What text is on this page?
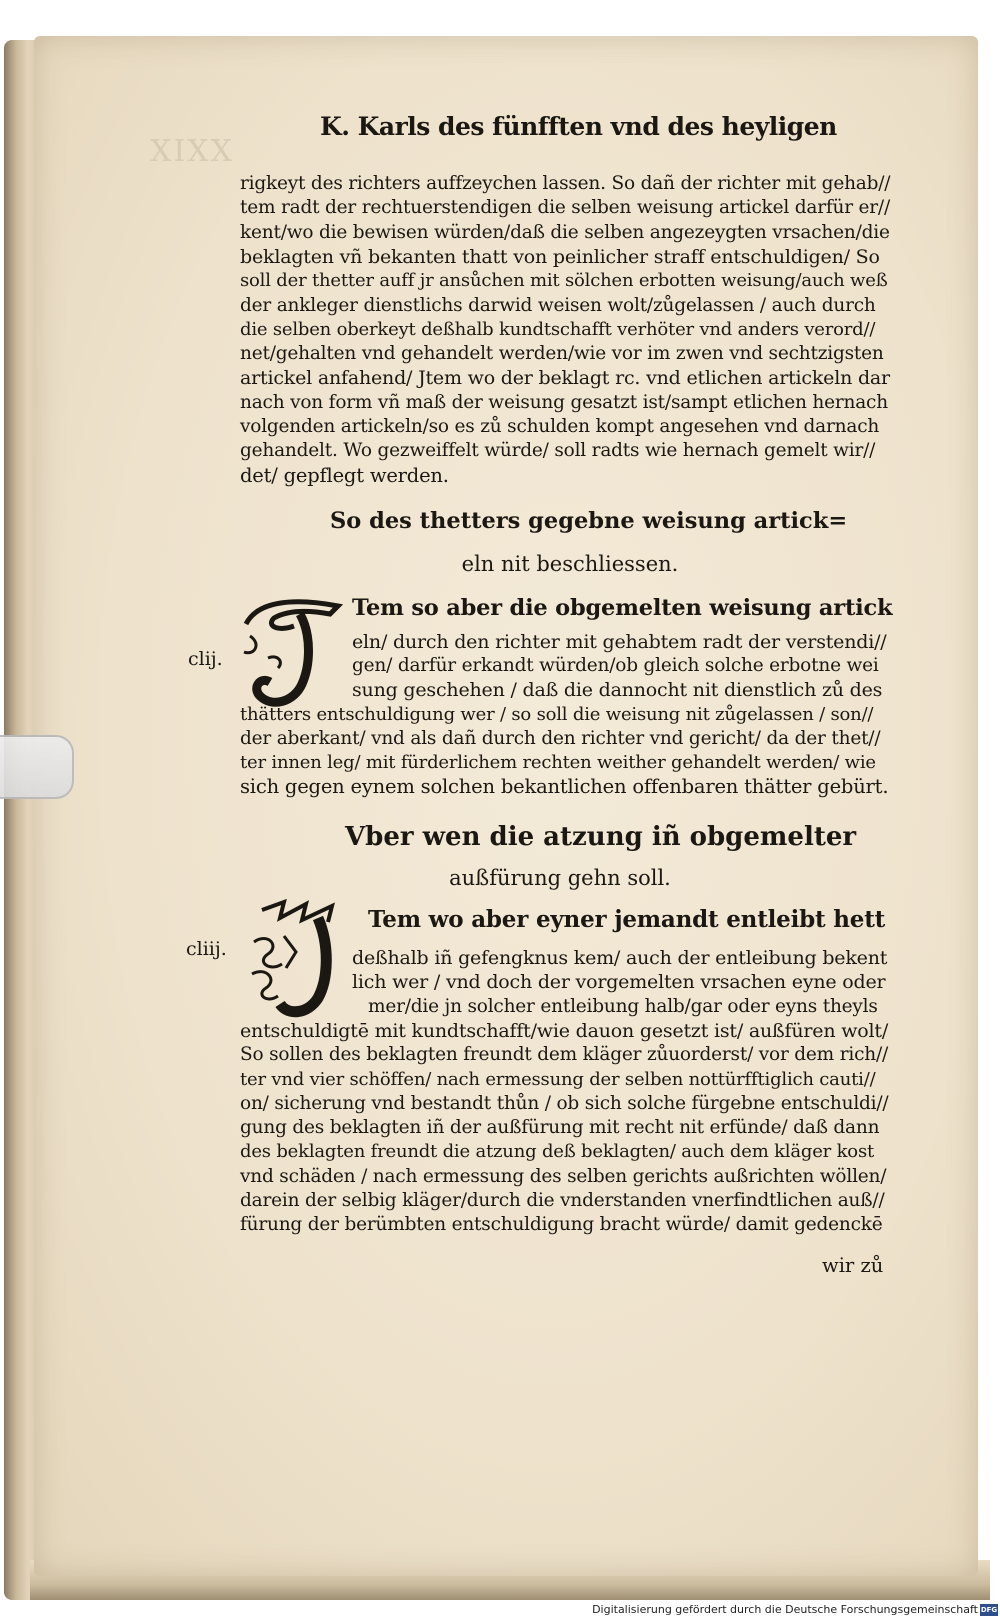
XIXX
K. Karls des fünfften vnd des heyligen
rigkeyt des richters auffzeychen lassen. So dañ der richter mit gehab//
tem radt der rechtuerstendigen die selben weisung artickel darfür er//
kent/wo die bewisen würden/daß die selben angezeygten vrsachen/die
beklagten vñ bekanten thatt von peinlicher straff entschuldigen/ So
soll der thetter auff jr ansůchen mit sölchen erbotten weisung/auch weß
der ankleger dienstlichs darwid weisen wolt/zůgelassen / auch durch
die selben oberkeyt deßhalb kundtschafft verhöter vnd anders verord//
net/gehalten vnd gehandelt werden/wie vor im zwen vnd sechtzigsten
artickel anfahend/ Jtem wo der beklagt rc. vnd etlichen artickeln dar
nach von form vñ maß der weisung gesatzt ist/sampt etlichen hernach
volgenden artickeln/so es zů schulden kompt angesehen vnd darnach
gehandelt. Wo gezweiffelt würde/ soll radts wie hernach gemelt wir//
det/ gepflegt werden.
So des thetters gegebne weisung artick=
eln nit beschliessen.
clij.
Tem so aber die obgemelten weisung artick
eln/ durch den richter mit gehabtem radt der verstendi//
gen/ darfür erkandt würden/ob gleich solche erbotne wei
sung geschehen / daß die dannocht nit dienstlich zů des
thätters entschuldigung wer / so soll die weisung nit zůgelassen / son//
der aberkant/ vnd als dañ durch den richter vnd gericht/ da der thet//
ter innen leg/ mit fürderlichem rechten weither gehandelt werden/ wie
sich gegen eynem solchen bekantlichen offenbaren thätter gebürt.
Vber wen die atzung iñ obgemelter
außfürung gehn soll.
cliij.
Tem wo aber eyner jemandt entleibt hett
deßhalb iñ gefengknus kem/ auch der entleibung bekent
lich wer / vnd doch der vorgemelten vrsachen eyne oder
mer/die jn solcher entleibung halb/gar oder eyns theyls
entschuldigtē mit kundtschafft/wie dauon gesetzt ist/ außfüren wolt/
So sollen des beklagten freundt dem kläger zůuorderst/ vor dem rich//
ter vnd vier schöffen/ nach ermessung der selben nottürfftiglich cauti//
on/ sicherung vnd bestandt thůn / ob sich solche fürgebne entschuldi//
gung des beklagten iñ der außfürung mit recht nit erfünde/ daß dann
des beklagten freundt die atzung deß beklagten/ auch dem kläger kost
vnd schäden / nach ermessung des selben gerichts außrichten wöllen/
darein der selbig kläger/durch die vnderstanden vnerfindtlichen auß//
fürung der berümbten entschuldigung bracht würde/ damit gedenckē
wir zů
Digitalisierung gefördert durch die Deutsche Forschungsgemeinschaft DFG
